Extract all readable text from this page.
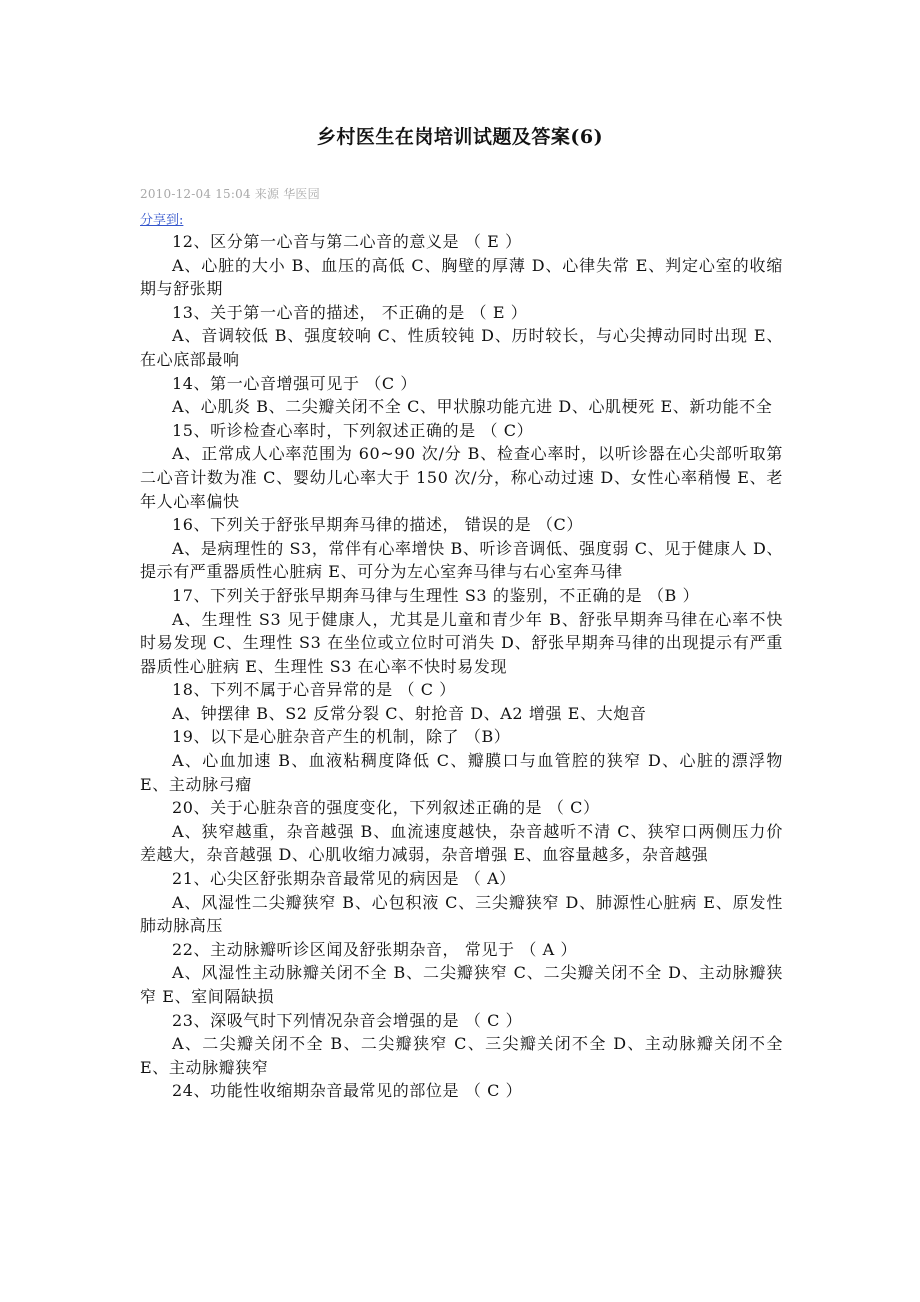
乡村医生在岗培训试题及答案(6)
2010-12-04 15:04 来源 华医园
分享到:

12、区分第一心音与第二心音的意义是 （ E ）

A、心脏的大小 B、血压的高低 C、胸壁的厚薄 D、心律失常 E、判定心室的收缩期与舒张期

13、关于第一心音的描述， 不正确的是 （ E ）

A、音调较低 B、强度较响 C、性质较钝 D、历时较长，与心尖搏动同时出现 E、在心底部最响

14、第一心音增强可见于 （C ）

A、心肌炎 B、二尖瓣关闭不全 C、甲状腺功能亢进 D、心肌梗死 E、新功能不全

15、听诊检查心率时，下列叙述正确的是 （ C）

A、正常成人心率范围为 60~90 次/分 B、检查心率时，以听诊器在心尖部听取第二心音计数为准 C、婴幼儿心率大于 150 次/分，称心动过速 D、女性心率稍慢 E、老年人心率偏快

16、下列关于舒张早期奔马律的描述， 错误的是 （C）

A、是病理性的 S3，常伴有心率增快 B、听诊音调低、强度弱 C、见于健康人 D、提示有严重器质性心脏病 E、可分为左心室奔马律与右心室奔马律

17、下列关于舒张早期奔马律与生理性 S3 的鉴别，不正确的是 （B ）

A、生理性 S3 见于健康人，尤其是儿童和青少年 B、舒张早期奔马律在心率不快时易发现 C、生理性 S3 在坐位或立位时可消失 D、舒张早期奔马律的出现提示有严重器质性心脏病 E、生理性 S3 在心率不快时易发现

18、下列不属于心音异常的是 （ C ）

A、钟摆律 B、S2 反常分裂 C、射抢音 D、A2 增强 E、大炮音

19、以下是心脏杂音产生的机制，除了 （B）

A、心血加速 B、血液粘稠度降低 C、瓣膜口与血管腔的狭窄 D、心脏的漂浮物 E、主动脉弓瘤

20、关于心脏杂音的强度变化，下列叙述正确的是 （ C）

A、狭窄越重，杂音越强 B、血流速度越快，杂音越听不清 C、狭窄口两侧压力价差越大，杂音越强 D、心肌收缩力减弱，杂音增强 E、血容量越多，杂音越强

21、心尖区舒张期杂音最常见的病因是 （ A）

A、风湿性二尖瓣狭窄 B、心包积液 C、三尖瓣狭窄 D、肺源性心脏病 E、原发性肺动脉高压

22、主动脉瓣听诊区闻及舒张期杂音， 常见于 （ A ）

A、风湿性主动脉瓣关闭不全 B、二尖瓣狭窄 C、二尖瓣关闭不全 D、主动脉瓣狭窄 E、室间隔缺损

23、深吸气时下列情况杂音会增强的是 （ C ）

A、二尖瓣关闭不全 B、二尖瓣狭窄 C、三尖瓣关闭不全 D、主动脉瓣关闭不全 E、主动脉瓣狭窄

24、功能性收缩期杂音最常见的部位是 （ C ）
